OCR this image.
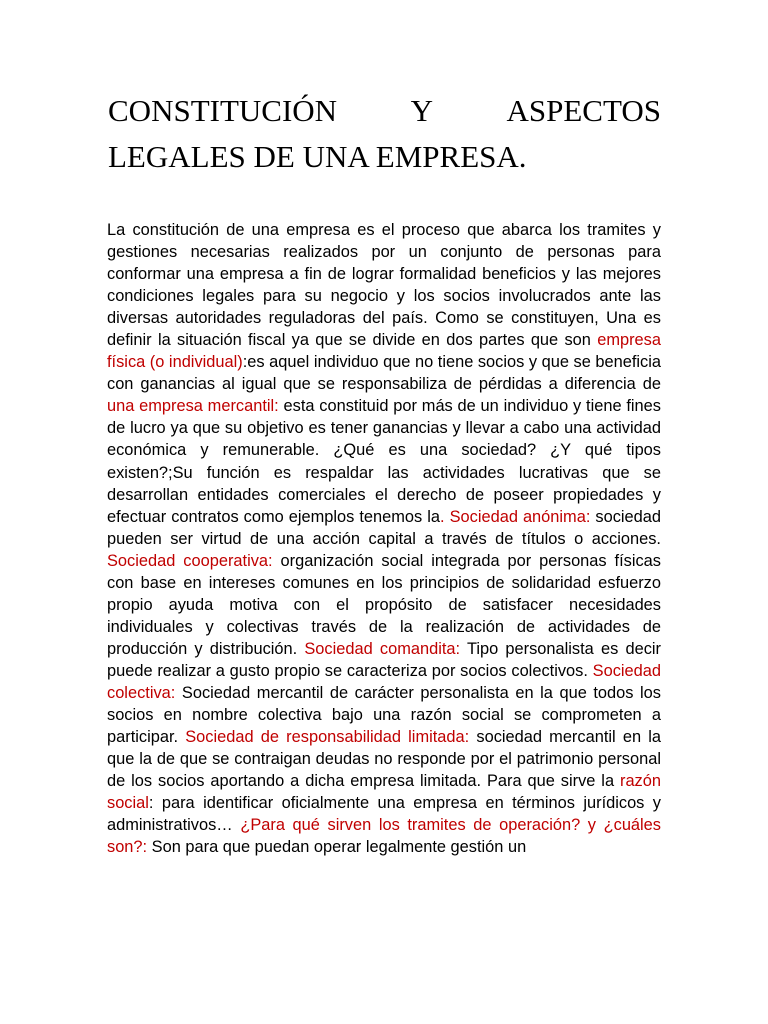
CONSTITUCIÓN Y ASPECTOS
LEGALES DE UNA EMPRESA.

La constitución de una empresa es el proceso que abarca los tramites y gestiones necesarias realizados por un conjunto de personas para conformar una empresa a fin de lograr formalidad beneficios y las mejores condiciones legales para su negocio y los socios involucrados ante las diversas autoridades reguladoras del país. Como se constituyen, Una es definir la situación fiscal ya que se divide en dos partes que son empresa física (o individual):es aquel individuo que no tiene socios y que se beneficia con ganancias al igual que se responsabiliza de pérdidas a diferencia de una empresa mercantil: esta constituid por más de un individuo y tiene fines de lucro ya que su objetivo es tener ganancias y llevar a cabo una actividad económica y remunerable. ¿Qué es una sociedad? ¿Y qué tipos existen?;Su función es respaldar las actividades lucrativas que se desarrollan entidades comerciales el derecho de poseer propiedades y efectuar contratos como ejemplos tenemos la. Sociedad anónima: sociedad pueden ser virtud de una acción capital a través de títulos o acciones. Sociedad cooperativa: organización social integrada por personas físicas con base en intereses comunes en los principios de solidaridad esfuerzo propio ayuda motiva con el propósito de satisfacer necesidades  individuales y colectivas través de la realización de actividades de producción y distribución. Sociedad comandita: Tipo personalista es decir puede realizar a gusto propio se caracteriza por socios colectivos. Sociedad colectiva: Sociedad mercantil de carácter personalista en la que todos los socios en nombre colectiva bajo una razón social se comprometen a participar. Sociedad de responsabilidad limitada: sociedad mercantil en la que la de que se contraigan deudas no responde por el patrimonio personal de los socios aportando a dicha empresa limitada. Para que sirve la razón social: para identificar oficialmente una empresa en términos jurídicos y administrativos… ¿Para qué sirven los tramites de operación? y ¿cuáles son?: Son para que puedan operar legalmente gestión un
